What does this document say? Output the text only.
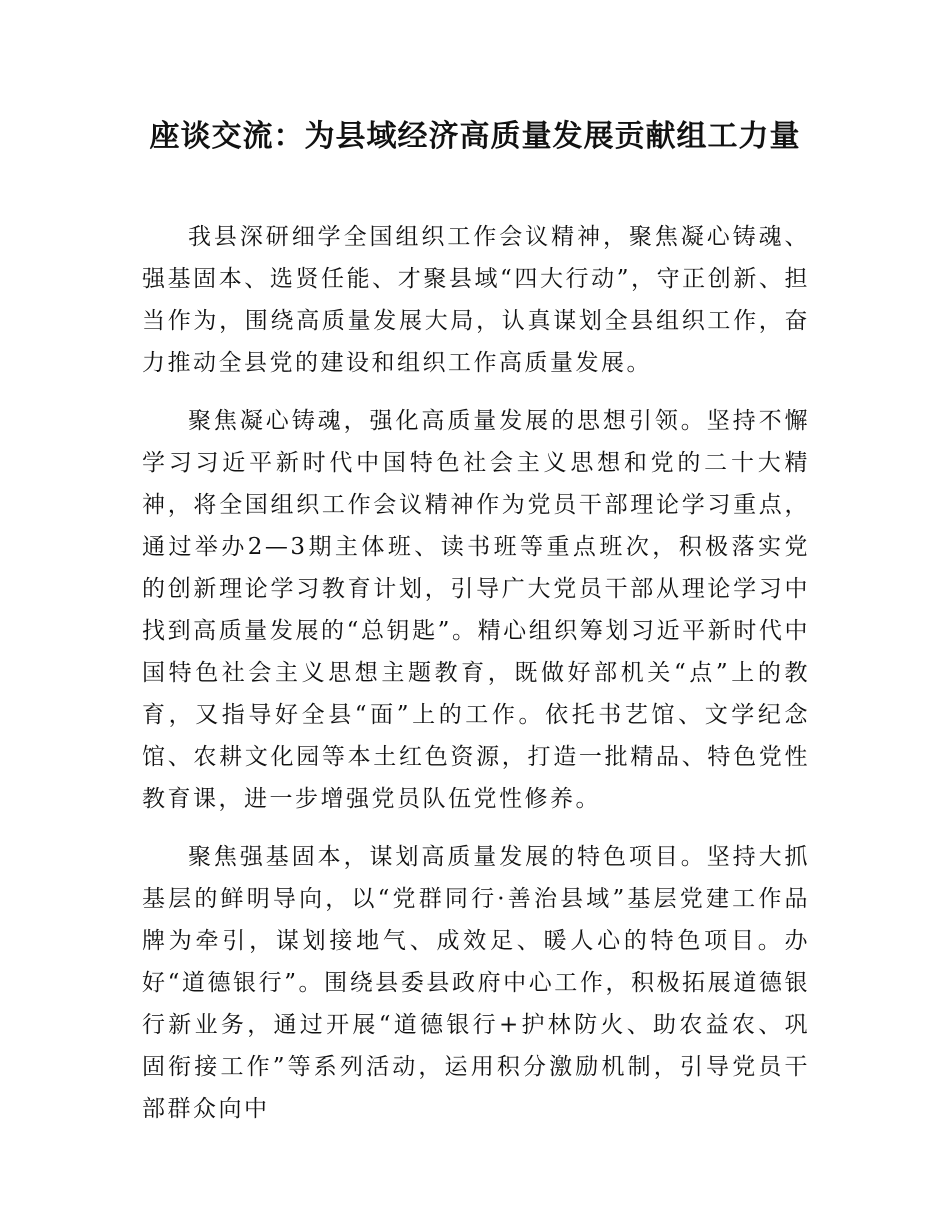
座谈交流：为县域经济高质量发展贡献组工力量

我县深研细学全国组织工作会议精神，聚焦凝心铸魂、强基固本、选贤任能、才聚县域“四大行动”，守正创新、担当作为，围绕高质量发展大局，认真谋划全县组织工作，奋力推动全县党的建设和组织工作高质量发展。

聚焦凝心铸魂，强化高质量发展的思想引领。坚持不懈学习习近平新时代中国特色社会主义思想和党的二十大精神，将全国组织工作会议精神作为党员干部理论学习重点，通过举办2—3期主体班、读书班等重点班次，积极落实党的创新理论学习教育计划，引导广大党员干部从理论学习中找到高质量发展的“总钥匙”。精心组织筹划习近平新时代中国特色社会主义思想主题教育，既做好部机关“点”上的教育，又指导好全县“面”上的工作。依托书艺馆、文学纪念馆、农耕文化园等本土红色资源，打造一批精品、特色党性教育课，进一步增强党员队伍党性修养。

聚焦强基固本，谋划高质量发展的特色项目。坚持大抓基层的鲜明导向，以“党群同行·善治县域”基层党建工作品牌为牵引，谋划接地气、成效足、暖人心的特色项目。办好“道德银行”。围绕县委县政府中心工作，积极拓展道德银行新业务，通过开展“道德银行+护林防火、助农益农、巩固衔接工作”等系列活动，运用积分激励机制，引导党员干部群众向中
